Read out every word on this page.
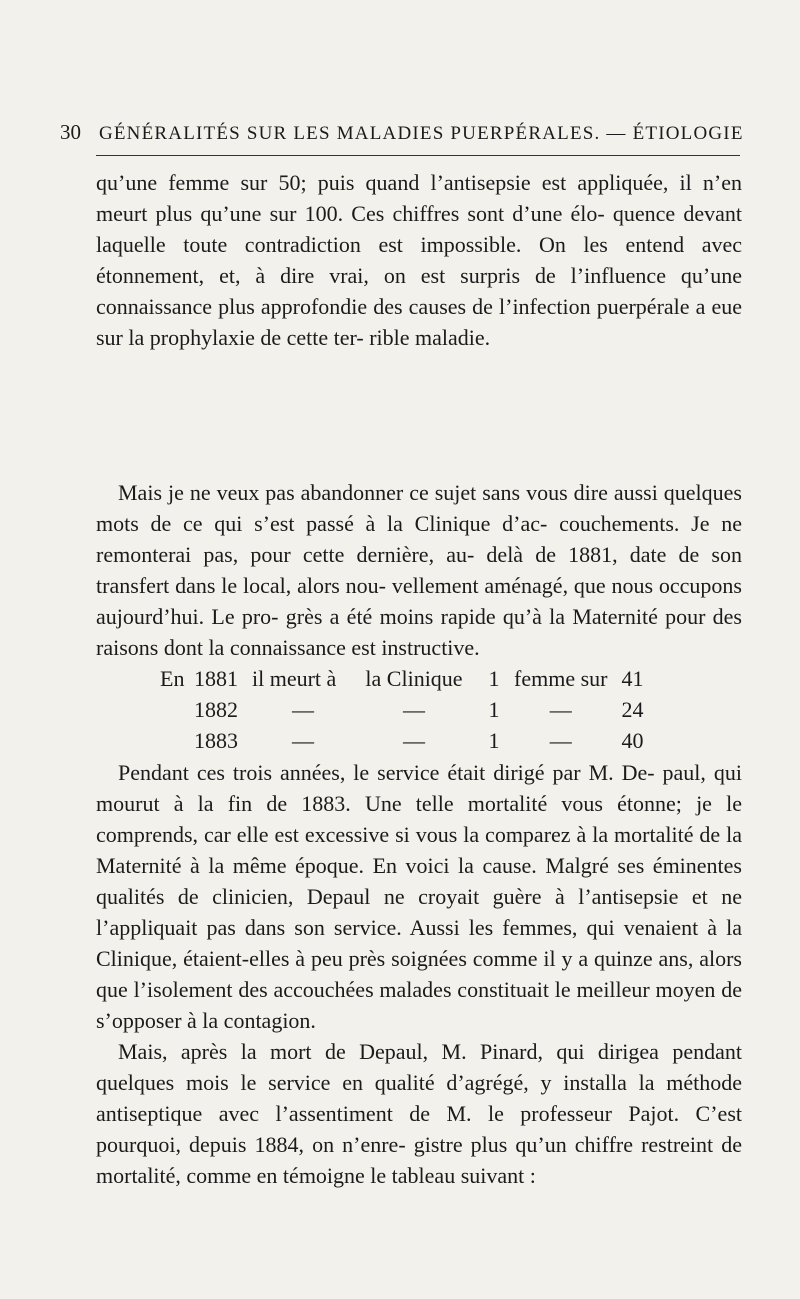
30 GÉNÉRALITÉS SUR LES MALADIES PUERPÉRALES. — ÉTIOLOGIE

qu’une femme sur 50; puis quand l’antisepsie est appliquée, il n’en meurt plus qu’une sur 100. Ces chiffres sont d’une élo- quence devant laquelle toute contradiction est impossible. On les entend avec étonnement, et, à dire vrai, on est surpris de l’influence qu’une connaissance plus approfondie des causes de l’infection puerpérale a eue sur la prophylaxie de cette ter- rible maladie.

Mais je ne veux pas abandonner ce sujet sans vous dire aussi quelques mots de ce qui s’est passé à la Clinique d’ac- couchements. Je ne remonterai pas, pour cette dernière, au- delà de 1881, date de son transfert dans le local, alors nou- vellement aménagé, que nous occupons aujourd’hui. Le pro- grès a été moins rapide qu’à la Maternité pour des raisons dont la connaissance est instructive.

En	1881	il meurt à	la Clinique	1	femme sur	41
	1882	—	—	1	—	24
	1883	—	—	1	—	40

Pendant ces trois années, le service était dirigé par M. De- paul, qui mourut à la fin de 1883. Une telle mortalité vous étonne; je le comprends, car elle est excessive si vous la comparez à la mortalité de la Maternité à la même époque. En voici la cause. Malgré ses éminentes qualités de clinicien, Depaul ne croyait guère à l’antisepsie et ne l’appliquait pas dans son service. Aussi les femmes, qui venaient à la Clinique, étaient-elles à peu près soignées comme il y a quinze ans, alors que l’isolement des accouchées malades constituait le meilleur moyen de s’opposer à la contagion.

Mais, après la mort de Depaul, M. Pinard, qui dirigea pendant quelques mois le service en qualité d’agrégé, y installa la méthode antiseptique avec l’assentiment de M. le professeur Pajot. C’est pourquoi, depuis 1884, on n’enre- gistre plus qu’un chiffre restreint de mortalité, comme en témoigne le tableau suivant :
